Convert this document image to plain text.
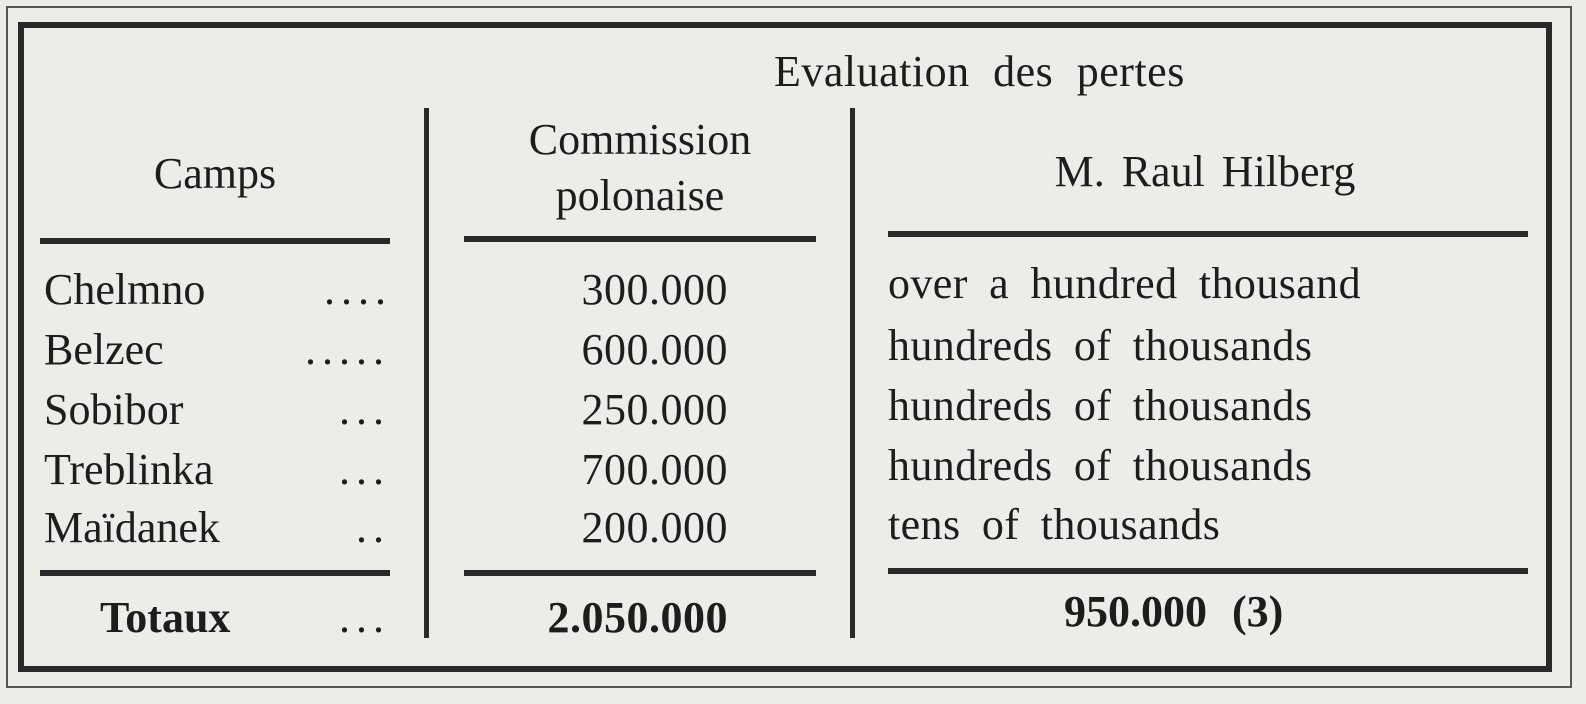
Evaluation des pertes
Camps
Commission polonaise	M. Raul Hilberg
Chelmno	....	300.000	over a hundred thousand
Belzec	.....	600.000	hundreds of thousands
Sobibor	...	250.000	hundreds of thousands
Treblinka	...	700.000	hundreds of thousands
Maïdanek	..	200.000	tens of thousands
Totaux	...	2.050.000	950.000 (3)
